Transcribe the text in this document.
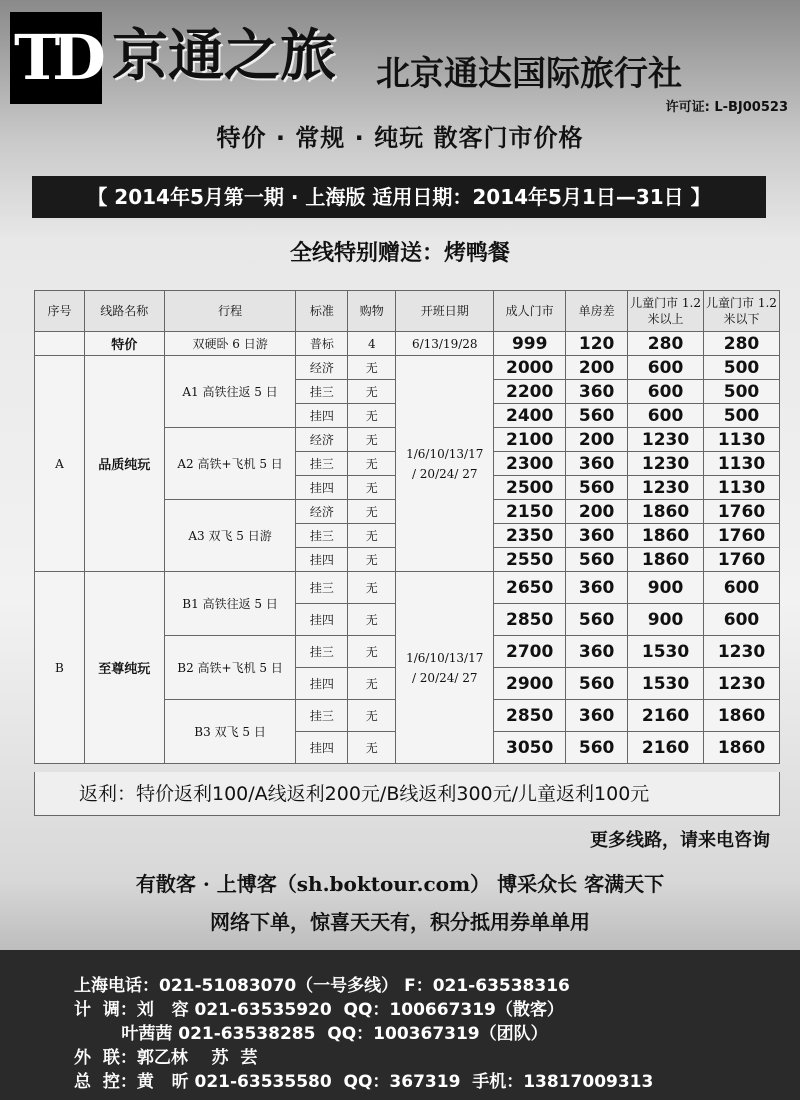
TD 京通之旅 北京通达国际旅行社
许可证: L-BJ00523
特价 · 常规 · 纯玩 散客门市价格
【 2014年5月第一期 · 上海版 适用日期：2014年5月1日—31日 】
全线特别赠送：烤鸭餐
序号	线路名称	行程	标准	购物	开班日期	成人门市	单房差	儿童门市 1.2 米以上	儿童门市 1.2 米以下
	特价	双硬卧 6 日游	普标	4	6/13/19/28	999	120	280	280
A	品质纯玩	A1 高铁往返 5 日	经济	无	1/6/10/13/17 / 20/24/ 27	2000	200	600	500
			挂三	无		2200	360	600	500
			挂四	无		2400	560	600	500
		A2 高铁+飞机 5 日	经济	无		2100	200	1230	1130
			挂三	无		2300	360	1230	1130
			挂四	无		2500	560	1230	1130
		A3 双飞 5 日游	经济	无		2150	200	1860	1760
			挂三	无		2350	360	1860	1760
			挂四	无		2550	560	1860	1760
B	至尊纯玩	B1 高铁往返 5 日	挂三	无	1/6/10/13/17 / 20/24/ 27	2650	360	900	600
			挂四	无		2850	560	900	600
		B2 高铁+飞机 5 日	挂三	无		2700	360	1530	1230
			挂四	无		2900	560	1530	1230
		B3 双飞 5 日	挂三	无		2850	360	2160	1860
			挂四	无		3050	560	2160	1860
返利：特价返利100/A线返利200元/B线返利300元/儿童返利100元
更多线路，请来电咨询
有散客 · 上博客（sh.boktour.com） 博采众长 客满天下
网络下单，惊喜天天有，积分抵用券单单用
上海电话：021-51083070（一号多线） F：021-63538316
计  调：刘   容 021-63535920  QQ：100667319（散客）
叶茜茜 021-63538285  QQ：100367319（团队）
外  联：郭乙林    苏  芸
总  控：黄   昕 021-63535580  QQ：367319  手机：13817009313
